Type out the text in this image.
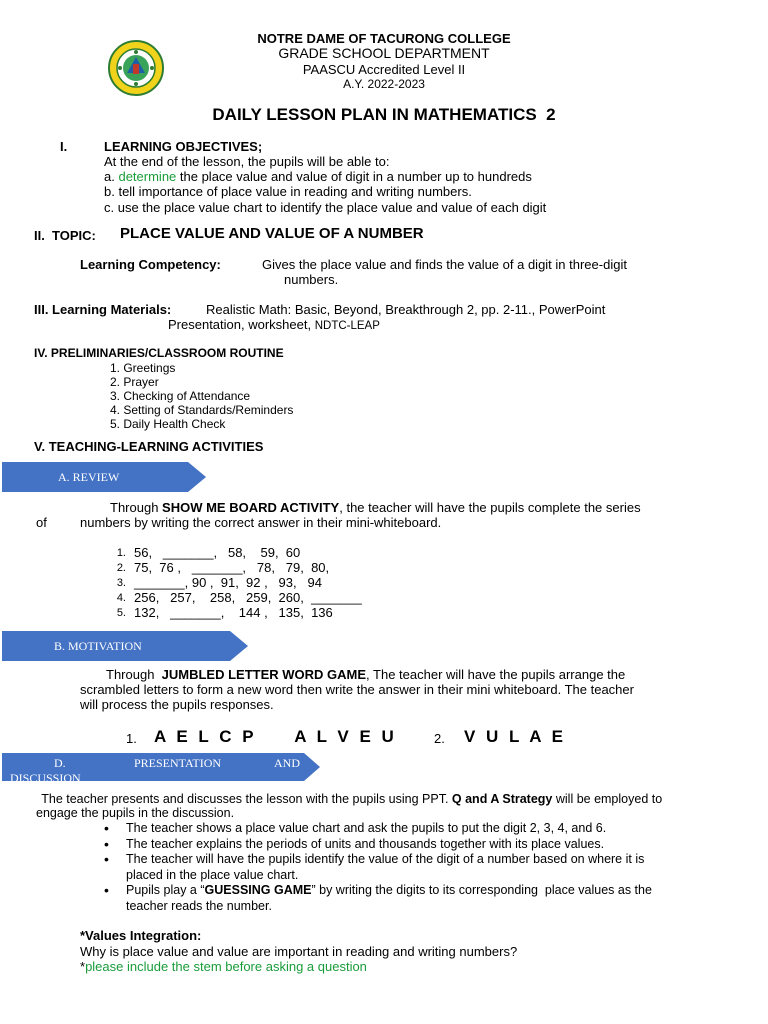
NOTRE DAME OF TACURONG COLLEGE
GRADE SCHOOL DEPARTMENT
PAASCU Accredited Level II
A.Y. 2022-2023
DAILY LESSON PLAN IN MATHEMATICS  2
I.	LEARNING OBJECTIVES;
At the end of the lesson, the pupils will be able to:
a. determine the place value and value of digit in a number up to hundreds
b. tell importance of place value in reading and writing numbers.
c. use the place value chart to identify the place value and value of each digit
II.  TOPIC: PLACE VALUE AND VALUE OF A NUMBER
Learning Competency:	Gives the place value and finds the value of a digit in three-digit
numbers.
III. Learning Materials:	Realistic Math: Basic, Beyond, Breakthrough 2, pp. 2-11., PowerPoint
Presentation, worksheet, NDTC-LEAP
IV. PRELIMINARIES/CLASSROOM ROUTINE
1. Greetings
2. Prayer
3. Checking of Attendance
4. Setting of Standards/Reminders
5. Daily Health Check
V. TEACHING-LEARNING ACTIVITIES
A. REVIEW
Through SHOW ME BOARD ACTIVITY, the teacher will have the pupils complete the series
of	numbers by writing the correct answer in their mini-whiteboard.
1. 56,   _______,   58,    59,  60
2. 75,  76 ,   _______,   78,   79,  80,
3. _______, 90 ,  91,  92 ,   93,   94
4. 256,   257,    258,   259,  260,  _______
5. 132,   _______,    144 ,   135,  136
B. MOTIVATION
Through  JUMBLED LETTER WORD GAME, The teacher will have the pupils arrange the
scrambled letters to form a new word then write the answer in their mini whiteboard. The teacher
will process the pupils responses.
1. A E L C P     A L V E U	2. V U L A E
D.	PRESENTATION	AND
DISCUSSION
The teacher presents and discusses the lesson with the pupils using PPT. Q and A Strategy will be employed to
engage the pupils in the discussion.
• The teacher shows a place value chart and ask the pupils to put the digit 2, 3, 4, and 6.
• The teacher explains the periods of units and thousands together with its place values.
• The teacher will have the pupils identify the value of the digit of a number based on where it is
placed in the place value chart.
• Pupils play a “GUESSING GAME” by writing the digits to its corresponding  place values as the
teacher reads the number.
*Values Integration:
Why is place value and value are important in reading and writing numbers?
*please include the stem before asking a question
